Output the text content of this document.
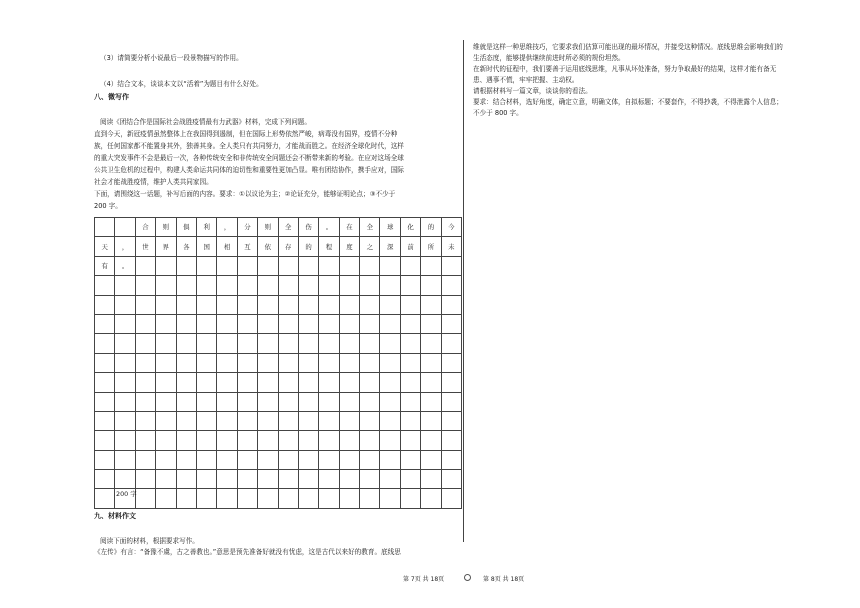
（3）请简要分析小说最后一段景物描写的作用。
（4）结合文本，谈谈本文以“活着”为题目有什么好处。
八、微写作
阅读《团结合作是国际社会战胜疫情最有力武器》材料，完成下列问题。
直到今天，新冠疫情虽然整体上在我国得到遏制，但在国际上形势依然严峻，病毒没有国界，疫情不分种
族，任何国家都不能置身其外，独善其身。全人类只有共同努力，才能战而胜之。在经济全球化时代，这样
的重大突发事件不会是最后一次，各种传统安全和非传统安全问题还会不断带来新的考验。在应对这场全球
公共卫生危机的过程中，构建人类命运共同体的迫切性和重要性更加凸显。唯有团结协作，携手应对，国际
社会才能战胜疫情，维护人类共同家园。
下面，请围绕这一话题，补写后面的内容。要求：①以议论为主；②论证充分，能够证明论点；③不少于
200 字。
		合	则	俱	利	，	分	则	全	伤	。	在	全	球	化	的	今
天	，	世	界	各	国	相	互	依	存	的	程	度	之	深	前	所	未
有	。																

200 字
九、材料作文
阅读下面的材料，根据要求写作。
《左传》有言：“备豫不虞，古之善教也。”意思是预先准备好就没有忧虑，这是古代以来好的教育。底线思
维就是这样一种思维技巧，它要求我们估算可能出现的最坏情况，并接受这种情况。底线思维会影响我们的
生活态度，能够提供继续前进时所必须的规份坦然。
在新时代的征程中，我们要善于运用底线思维，凡事从坏处准备，努力争取最好的结果，这样才能有备无
患、遇事不慌，牢牢把握、主动权。
请根据材料写一篇文章，谈谈你的看法。
要求：结合材料，选好角度，确定立意，明确文体，自拟标题；不要套作，不得抄袭，不得泄露个人信息；
不少于 800 字。
第 7页 共 18页	第 8页 共 18页
